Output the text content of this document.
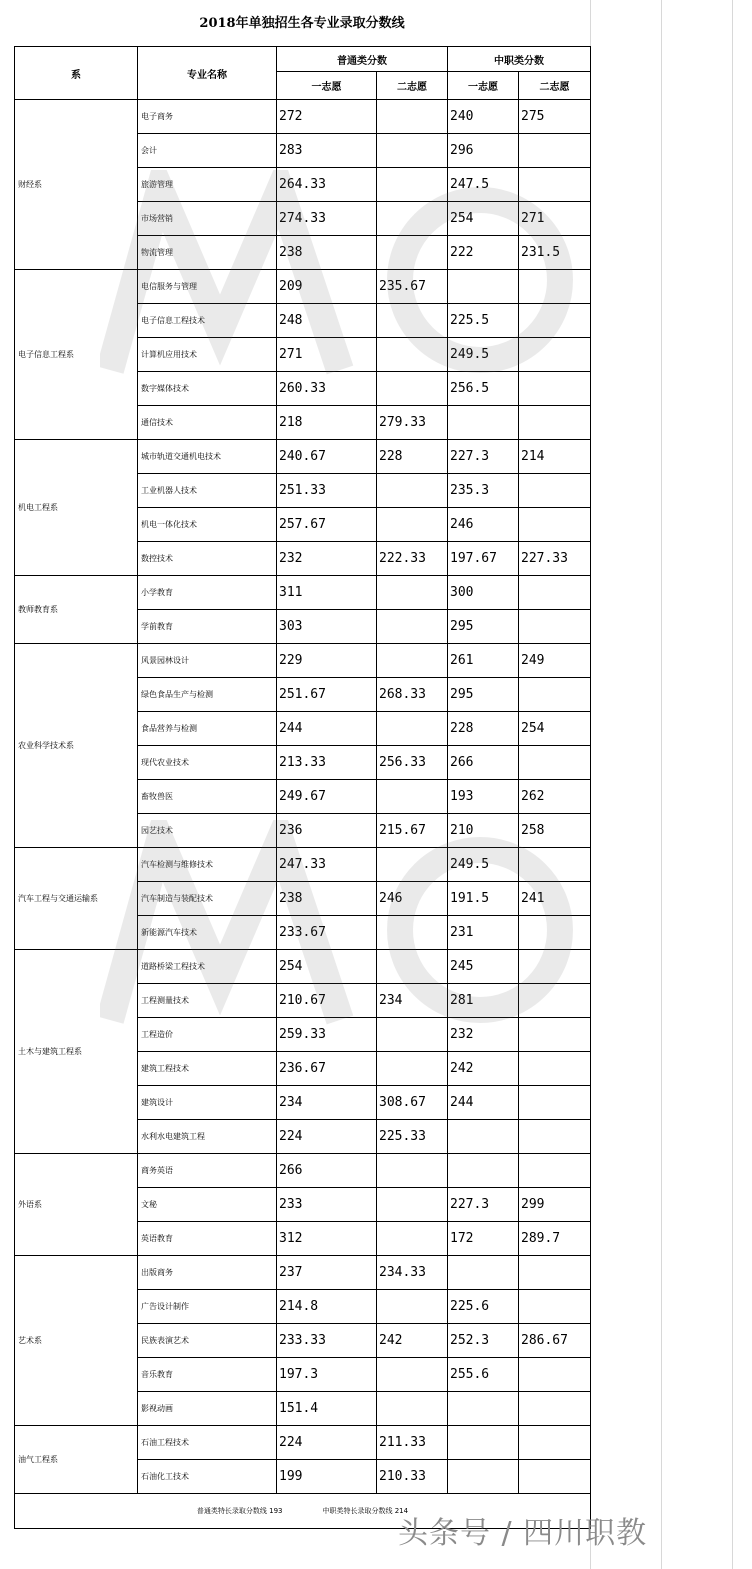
2018年单独招生各专业录取分数线
系	专业名称	普通类分数		中职类分数	
		一志愿	二志愿	一志愿	二志愿
财经系	电子商务	272		240	275
	会计	283		296	
	旅游管理	264.33		247.5	
	市场营销	274.33		254	271
	物流管理	238		222	231.5
电子信息工程系	电信服务与管理	209	235.67		
	电子信息工程技术	248		225.5	
	计算机应用技术	271		249.5	
	数字媒体技术	260.33		256.5	
	通信技术	218	279.33		
机电工程系	城市轨道交通机电技术	240.67	228	227.3	214
	工业机器人技术	251.33		235.3	
	机电一体化技术	257.67		246	
	数控技术	232	222.33	197.67	227.33
教师教育系	小学教育	311		300	
	学前教育	303		295	
农业科学技术系	风景园林设计	229		261	249
	绿色食品生产与检测	251.67	268.33	295	
	食品营养与检测	244		228	254
	现代农业技术	213.33	256.33	266	
	畜牧兽医	249.67		193	262
	园艺技术	236	215.67	210	258
汽车工程与交通运输系	汽车检测与维修技术	247.33		249.5	
	汽车制造与装配技术	238	246	191.5	241
	新能源汽车技术	233.67		231	
土木与建筑工程系	道路桥梁工程技术	254		245	
	工程测量技术	210.67	234	281	
	工程造价	259.33		232	
	建筑工程技术	236.67		242	
	建筑设计	234	308.67	244	
	水利水电建筑工程	224	225.33		
外语系	商务英语	266			
	文秘	233		227.3	299
	英语教育	312		172	289.7
艺术系	出版商务	237	234.33		
	广告设计制作	214.8		225.6	
	民族表演艺术	233.33	242	252.3	286.67
	音乐教育	197.3		255.6	
	影视动画	151.4			
油气工程系	石油工程技术	224	211.33		
	石油化工技术	199	210.33		
普通类特长录取分数线 193 中职类特长录取分数线 214					
头条号 / 四川职教
